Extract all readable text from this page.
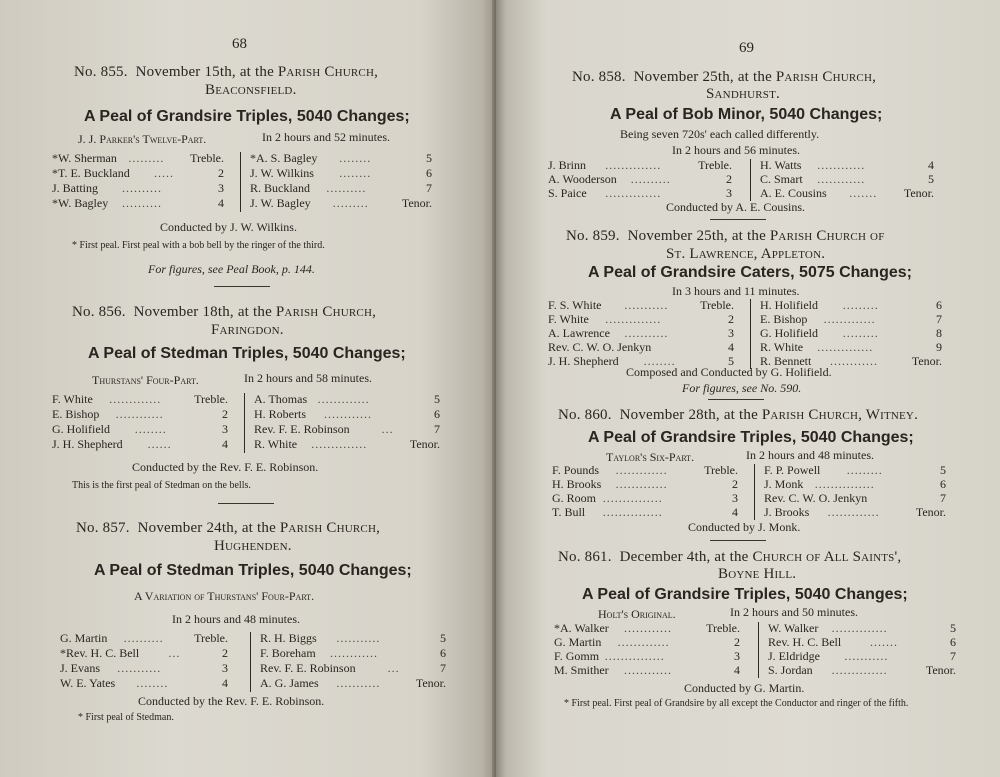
68
No. 855. November 15th, at the Parish Church,
Beaconsfield.
A Peal of Grandsire Triples, 5040 Changes;
J. J. Parker's Twelve-Part.	In 2 hours and 52 minutes.
*W. Sherman .........	Treble.
*T. E. Buckland .....	2
J. Batting ..........	3
*W. Bagley ..........	4
*A. S. Bagley ........	5
J. W. Wilkins ........	6
R. Buckland ..........	7
J. W. Bagley .........	Tenor.
Conducted by J. W. Wilkins.
* First peal. First peal with a bob bell by the ringer of the third.
For figures, see Peal Book, p. 144.
No. 856. November 18th, at the Parish Church,
Faringdon.
A Peal of Stedman Triples, 5040 Changes;
Thurstans' Four-Part.	In 2 hours and 58 minutes.
F. White .............	Treble.
E. Bishop ............	2
G. Holifield ........	3
J. H. Shepherd ......	4
A. Thomas .............	5
H. Roberts ............	6
Rev. F. E. Robinson	...	7
R. White ..............	Tenor.
Conducted by the Rev. F. E. Robinson.
This is the first peal of Stedman on the bells.
No. 857. November 24th, at the Parish Church,
Hughenden.
A Peal of Stedman Triples, 5040 Changes;
A Variation of Thurstans' Four-Part.
In 2 hours and 48 minutes.
G. Martin ..........	Treble.
*Rev. H. C. Bell ...	2
J. Evans ...........	3
W. E. Yates ........	4
R. H. Biggs ...........	5
F. Boreham ............	6
Rev. F. E. Robinson	...	7
A. G. James ...........	Tenor.
Conducted by the Rev. F. E. Robinson.
* First peal of Stedman.
69
No. 858. November 25th, at the Parish Church,
Sandhurst.
A Peal of Bob Minor, 5040 Changes;
Being seven 720s' each called differently.
In 2 hours and 56 minutes.
J. Brinn ..............	Treble.
A. Wooderson ..........	2
S. Paice ..............	3
H. Watts ............	4
C. Smart ............	5
A. E. Cousins .......	Tenor.
Conducted by A. E. Cousins.
No. 859. November 25th, at the Parish Church of
St. Lawrence, Appleton.
A Peal of Grandsire Caters, 5075 Changes;
In 3 hours and 11 minutes.
F. S. White ...........	Treble.
F. White ..............	2
A. Lawrence ...........	3
Rev. C. W. O. Jenkyn	4
J. H. Shepherd ........	5
H. Holifield .........	6
E. Bishop .............	7
G. Holifield .........	8
R. White ..............	9
R. Bennett ............	Tenor.
Composed and Conducted by G. Holifield.
For figures, see No. 590.
No. 860. November 28th, at the Parish Church, Witney.
A Peal of Grandsire Triples, 5040 Changes;
Taylor's Six-Part.	In 2 hours and 48 minutes.
F. Pounds .............	Treble.
H. Brooks .............	2
G. Room ...............	3
T. Bull ...............	4
F. P. Powell .........	5
J. Monk ...............	6
Rev. C. W. O. Jenkyn	7
J. Brooks .............	Tenor.
Conducted by J. Monk.
No. 861. December 4th, at the Church of All Saints',
Boyne Hill.
A Peal of Grandsire Triples, 5040 Changes;
Holt's Original.	In 2 hours and 50 minutes.
*A. Walker ............	Treble.
G. Martin .............	2
F. Gomm ...............	3
M. Smither ............	4
W. Walker ..............	5
Rev. H. C. Bell .......	6
J. Eldridge ...........	7
S. Jordan ..............	Tenor.
Conducted by G. Martin.
* First peal. First peal of Grandsire by all except the Conductor and ringer of the fifth.
